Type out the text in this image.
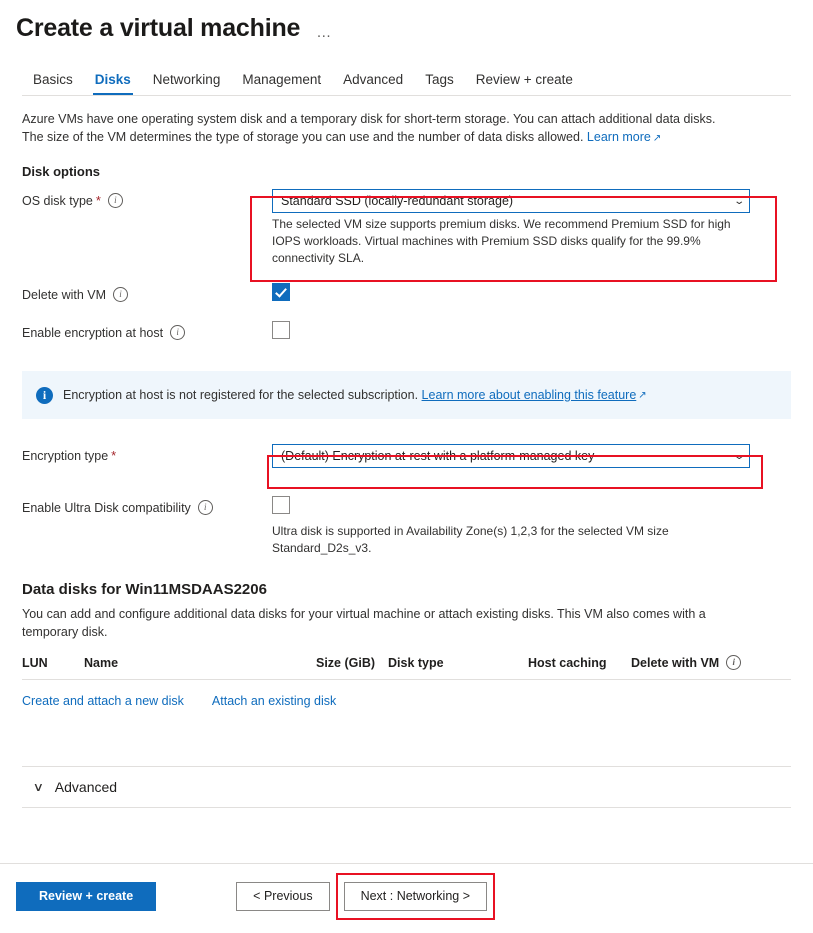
Create a virtual machine …
Basics	Disks	Networking	Management	Advanced	Tags	Review + create
Azure VMs have one operating system disk and a temporary disk for short-term storage. You can attach additional data disks.
The size of the VM determines the type of storage you can use and the number of data disks allowed. Learn more ↗
Disk options
OS disk type *	i	Standard SSD (locally-redundant storage)	⌄
The selected VM size supports premium disks. We recommend Premium SSD for high IOPS workloads. Virtual machines with Premium SSD disks qualify for the 99.9% connectivity SLA.
Delete with VM	i
Enable encryption at host	i
i	Encryption at host is not registered for the selected subscription.
Learn more about enabling this feature ↗
Encryption type *	(Default) Encryption at-rest with a platform-managed key	⌄
Enable Ultra Disk compatibility	i
Ultra disk is supported in Availability Zone(s) 1,2,3 for the selected VM size
Standard_D2s_v3.
Data disks for Win11MSDAAS2206
You can add and configure additional data disks for your virtual machine or attach existing disks. This VM also comes with a temporary disk.
LUN	Name	Size (GiB)	Disk type	Host caching	Delete with VM	i
Create and attach a new disk Attach an existing disk
∨ Advanced
Review + create	< Previous	Next : Networking >
